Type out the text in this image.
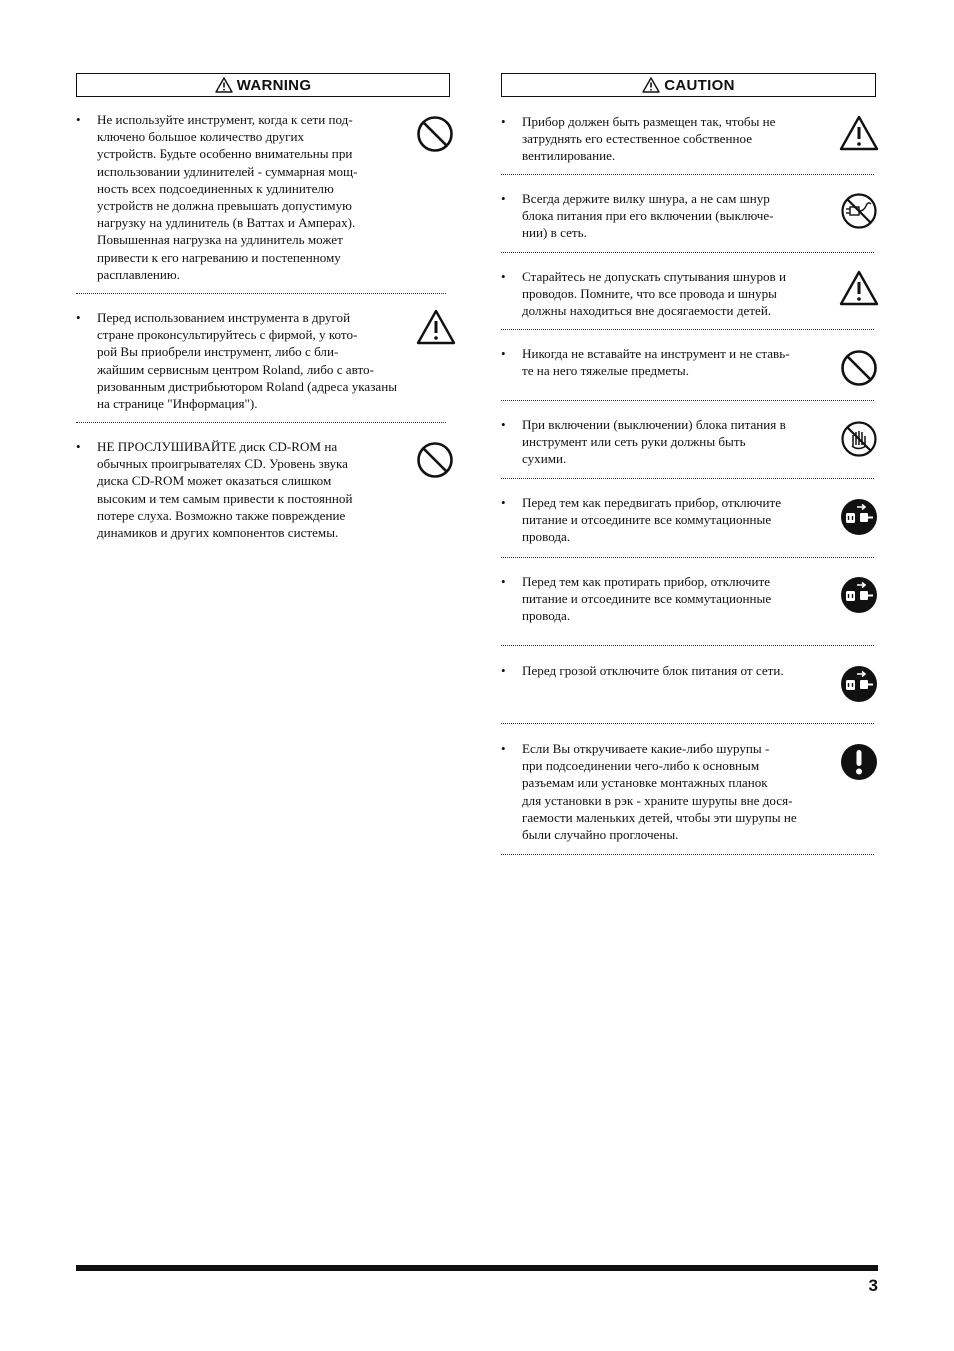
WARNING
• Не используйте инструмент, когда к сети под-
ключено большое количество других
устройств. Будьте особенно внимательны при
использовании удлинителей - суммарная мощ-
ность всех подсоединенных к удлинителю
устройств не должна превышать допустимую
нагрузку на удлинитель (в Ваттах и Амперах).
Повышенная нагрузка на удлинитель может
привести к его нагреванию и постепенному
расплавлению.
• Перед использованием инструмента в другой
стране проконсультируйтесь с фирмой, у кото-
рой Вы приобрели инструмент, либо с бли-
жайшим сервисным центром Roland, либо с авто-
ризованным дистрибьютором Roland (адреса указаны
на странице "Информация").
• НЕ ПРОСЛУШИВАЙТЕ диск CD-ROM на
обычных проигрывателях CD. Уровень звука
диска CD-ROM может оказаться слишком
высоким и тем самым привести к постоянной
потере слуха. Возможно также повреждение
динамиков и других компонентов системы.
CAUTION
• Прибор должен быть размещен так, чтобы не
затруднять его естественное собственное
вентилирование.
• Всегда держите вилку шнура, а не сам шнур
блока питания при его включении (выключе-
нии) в сеть.
• Старайтесь не допускать спутывания шнуров и
проводов. Помните, что все провода и шнуры
должны находиться вне досягаемости детей.
• Никогда не вставайте на инструмент и не ставь-
те на него тяжелые предметы.
• При включении (выключении) блока питания в
инструмент или сеть руки должны быть
сухими.
• Перед тем как передвигать прибор, отключите
питание и отсоедините все коммутационные
провода.
• Перед тем как протирать прибор, отключите
питание и отсоедините все коммутационные
провода.
• Перед грозой отключите блок питания от сети.
• Если Вы откручиваете какие-либо шурупы -
при подсоединении чего-либо к основным
разъемам или установке монтажных планок
для установки в рэк - храните шурупы вне дося-
гаемости маленьких детей, чтобы эти шурупы не
были случайно проглочены.
3
